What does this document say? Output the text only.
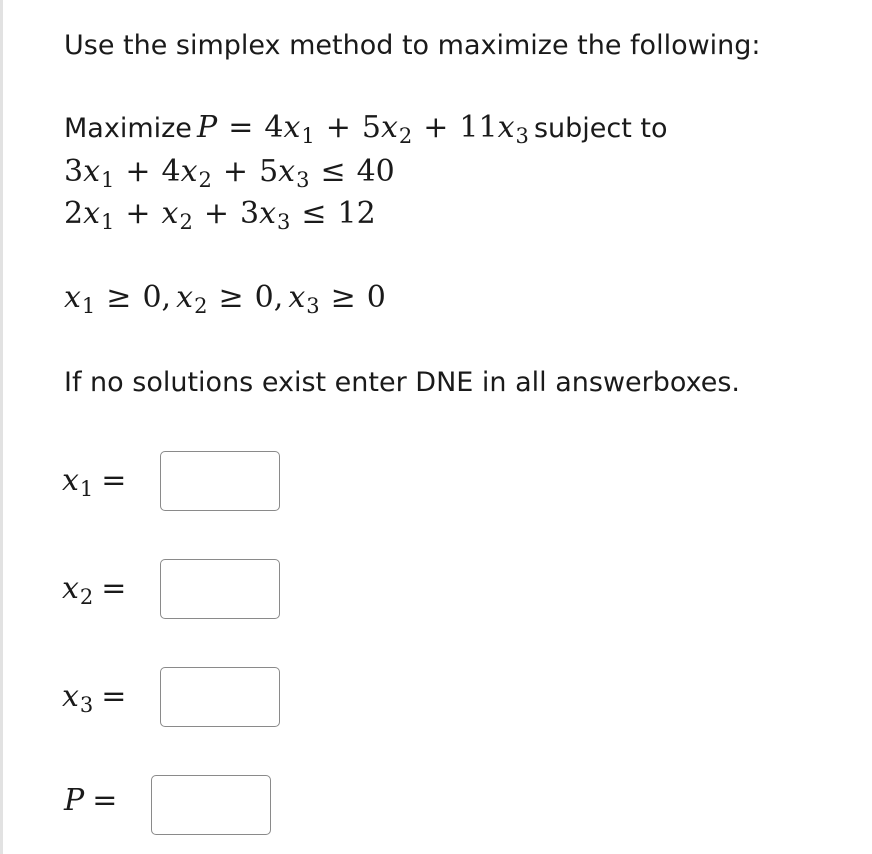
Use the simplex method to maximize the following:
Maximize P = 4x1 + 5x2 + 11x3 subject to
3x1 + 4x2 + 5x3 ≤ 40
2x1 + x2 + 3x3 ≤ 12
x1 ≥ 0, x2 ≥ 0, x3 ≥ 0
If no solutions exist enter DNE in all answerboxes.
x1 =
x2 =
x3 =
P =
